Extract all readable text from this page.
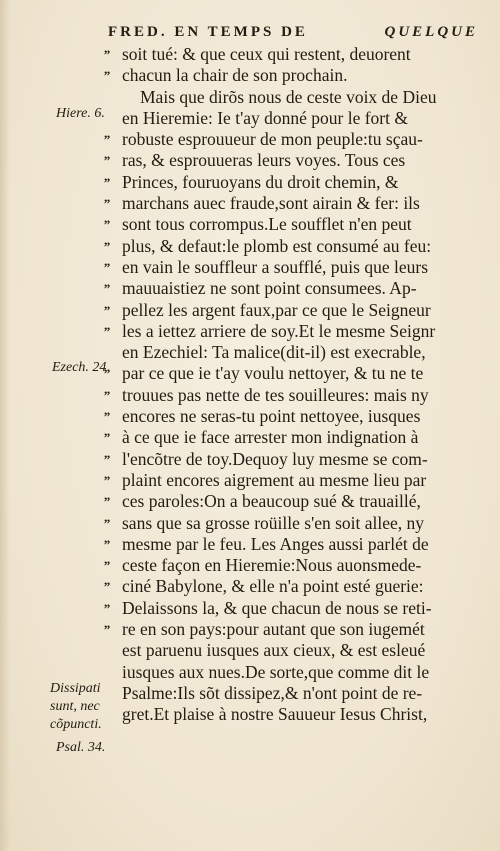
FRED. EN TEMPS DE	QUELQUE
” soit tué: & que ceux qui restent, deuorent
” chacun la chair de son prochain.
Mais que dirõs nous de ceste voix de Dieu
en Hieremie: Ie t'ay donné pour le fort &
” robuste esprouueur de mon peuple:tu sçau-
” ras, & esprouueras leurs voyes. Tous ces
” Princes, fouruoyans du droit chemin, &
” marchans auec fraude,sont airain & fer: ils
” sont tous corrompus.Le soufflet n'en peut
” plus, & defaut:le plomb est consumé au feu:
” en vain le souffleur a soufflé, puis que leurs
” mauuaistiez ne sont point consumees. Ap-
” pellez les argent faux,par ce que le Seigneur
” les a iettez arriere de soy.Et le mesme Seignr
en Ezechiel: Ta malice(dit-il) est execrable,
” par ce que ie t'ay voulu nettoyer, & tu ne te
” trouues pas nette de tes souilleures: mais ny
” encores ne seras-tu point nettoyee, iusques
” à ce que ie face arrester mon indignation à
” l'encõtre de toy.Dequoy luy mesme se com-
” plaint encores aigrement au mesme lieu par
” ces paroles:On a beaucoup sué & trauaillé,
” sans que sa grosse roüille s'en soit allee, ny
” mesme par le feu. Les Anges aussi parlét de
” ceste façon en Hieremie:Nous auonsmede-
” ciné Babylone, & elle n'a point esté guerie:
” Delaissons la, & que chacun de nous se reti-
” re en son pays:pour autant que son iugemét
est paruenu iusques aux cieux, & est esleué
iusques aux nues.De sorte,que comme dit le
Psalme:Ils sõt dissipez,& n'ont point de re-
gret.Et plaise à nostre Sauueur Iesus Christ,
Hiere. 6.
Ezech. 24
Dissipati
sunt, nec
cõpuncti.
Psal. 34.
